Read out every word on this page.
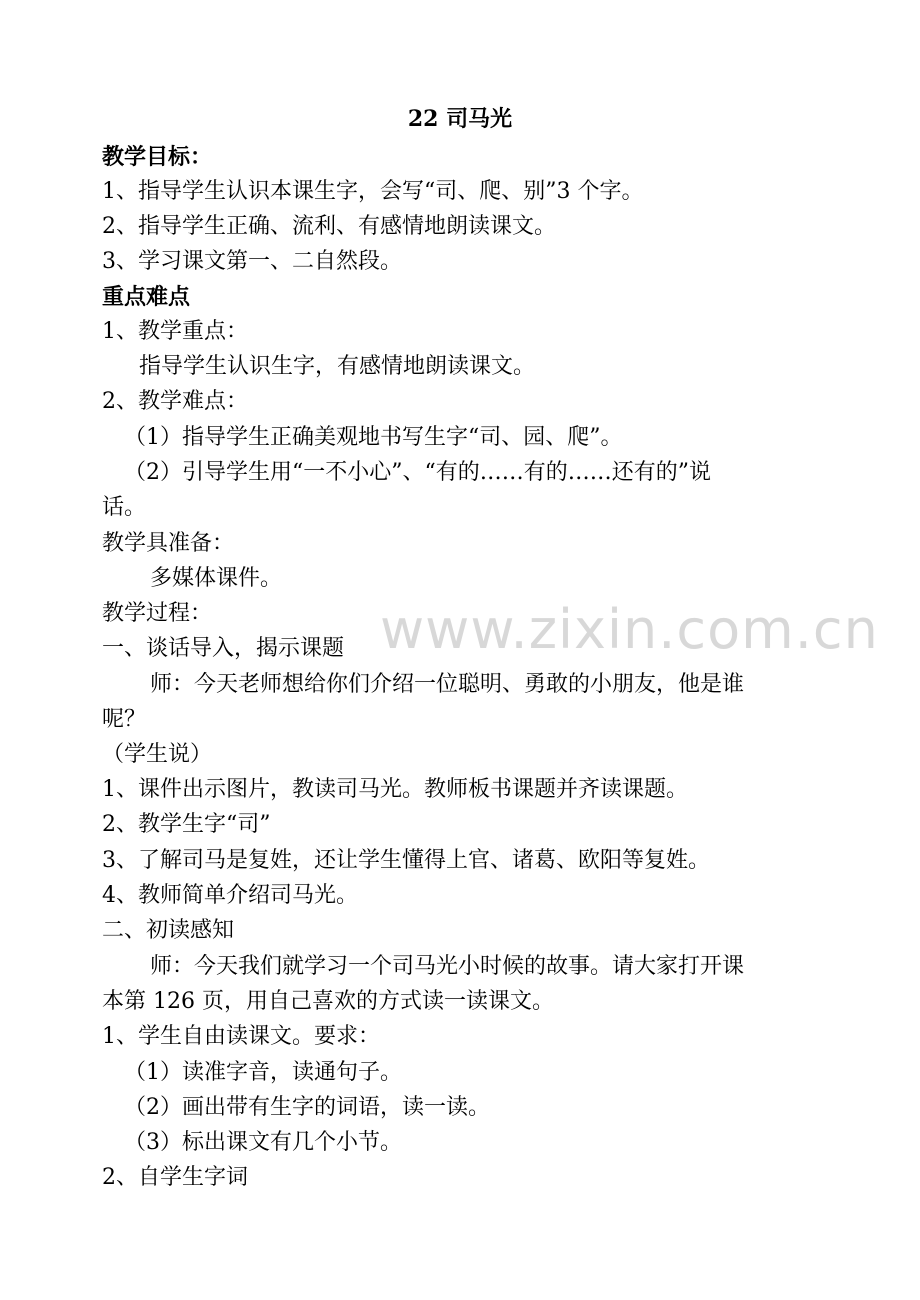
22 司马光
教学目标：
1、指导学生认识本课生字，会写“司、爬、别”3 个字。
2、指导学生正确、流利、有感情地朗读课文。
3、学习课文第一、二自然段。
重点难点
1、教学重点：
指导学生认识生字，有感情地朗读课文。
2、教学难点：
（1）指导学生正确美观地书写生字“司、园、爬”。
（2）引导学生用“一不小心”、“有的……有的……还有的”说
话。
教学具准备：
多媒体课件。
教学过程：
一、谈话导入，揭示课题
师：今天老师想给你们介绍一位聪明、勇敢的小朋友，他是谁
呢？
（学生说）
1、课件出示图片，教读司马光。教师板书课题并齐读课题。
2、教学生字“司”
3、了解司马是复姓，还让学生懂得上官、诸葛、欧阳等复姓。
4、教师简单介绍司马光。
二、初读感知
师：今天我们就学习一个司马光小时候的故事。请大家打开课
本第 126 页，用自己喜欢的方式读一读课文。
1、学生自由读课文。要求：
（1）读准字音，读通句子。
（2）画出带有生字的词语，读一读。
（3）标出课文有几个小节。
2、自学生字词
www.zixin.com.cn
